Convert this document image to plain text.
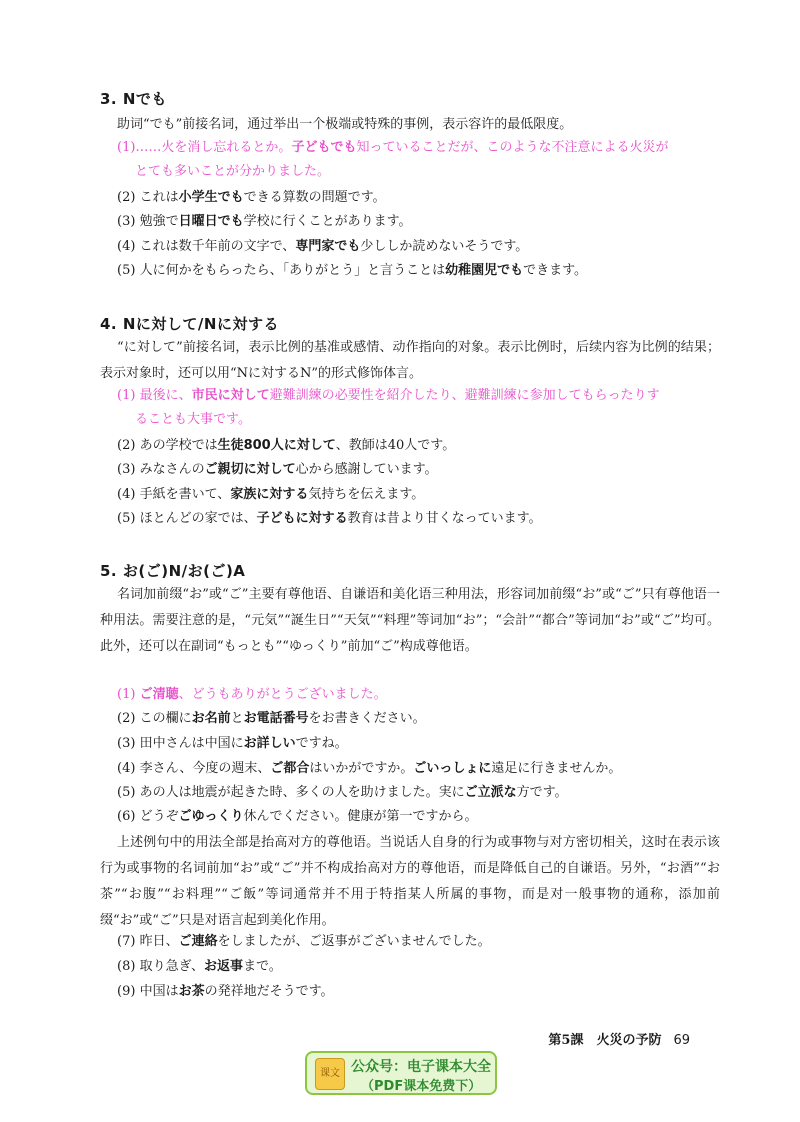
3. Nでも
助词“でも”前接名词，通过举出一个极端或特殊的事例，表示容许的最低限度。
(1)……火を消し忘れるとか。子どもでも知っていることだが、このような不注意による火災が
とても多いことが分かりました。
(2) これは小学生でもできる算数の問題です。
(3) 勉強で日曜日でも学校に行くことがあります。
(4) これは数千年前の文字で、専門家でも少ししか読めないそうです。
(5) 人に何かをもらったら、「ありがとう」と言うことは幼稚園児でもできます。
4. Nに対して/Nに対する
“に対して”前接名词，表示比例的基准或感情、动作指向的对象。表示比例时，后续内容为比例的结果；表示对象时，还可以用“Nに対するN”的形式修饰体言。
(1) 最後に、市民に対して避難訓練の必要性を紹介したり、避難訓練に参加してもらったりす
ることも大事です。
(2) あの学校では生徒800人に対して、教師は40人です。
(3) みなさんのご親切に対して心から感謝しています。
(4) 手紙を書いて、家族に対する気持ちを伝えます。
(5) ほとんどの家では、子どもに対する教育は昔より甘くなっています。
5. お(ご)N/お(ご)A
名词加前缀“お”或“ご”主要有尊他语、自谦语和美化语三种用法，形容词加前缀“お”或“ご”只有尊他语一种用法。需要注意的是，“元気”“誕生日”“天気”“料理”等词加“お”；“会計”“都合”等词加“お”或“ご”均可。此外，还可以在副词“もっとも”“ゆっくり”前加“ご”构成尊他语。
(1) ご清聴、どうもありがとうございました。
(2) この欄にお名前とお電話番号をお書きください。
(3) 田中さんは中国にお詳しいですね。
(4) 李さん、今度の週末、ご都合はいかがですか。ごいっしょに遠足に行きませんか。
(5) あの人は地震が起きた時、多くの人を助けました。実にご立派な方です。
(6) どうぞごゆっくり休んでください。健康が第一ですから。
上述例句中的用法全部是抬高对方的尊他语。当说话人自身的行为或事物与对方密切相关，这时在表示该行为或事物的名词前加“お”或“ご”并不构成抬高对方的尊他语，而是降低自己的自谦语。另外，“お酒”“お茶”“お腹”“お料理”“ご飯”等词通常并不用于特指某人所属的事物，而是对一般事物的通称，添加前缀“お”或“ご”只是对语言起到美化作用。
(7) 昨日、ご連絡をしましたが、ご返事がございませんでした。
(8) 取り急ぎ、お返事まで。
(9) 中国はお茶の発祥地だそうです。
第5課　火災の予防 69
课文 公众号：电子课本大全
（PDF课本免费下）
